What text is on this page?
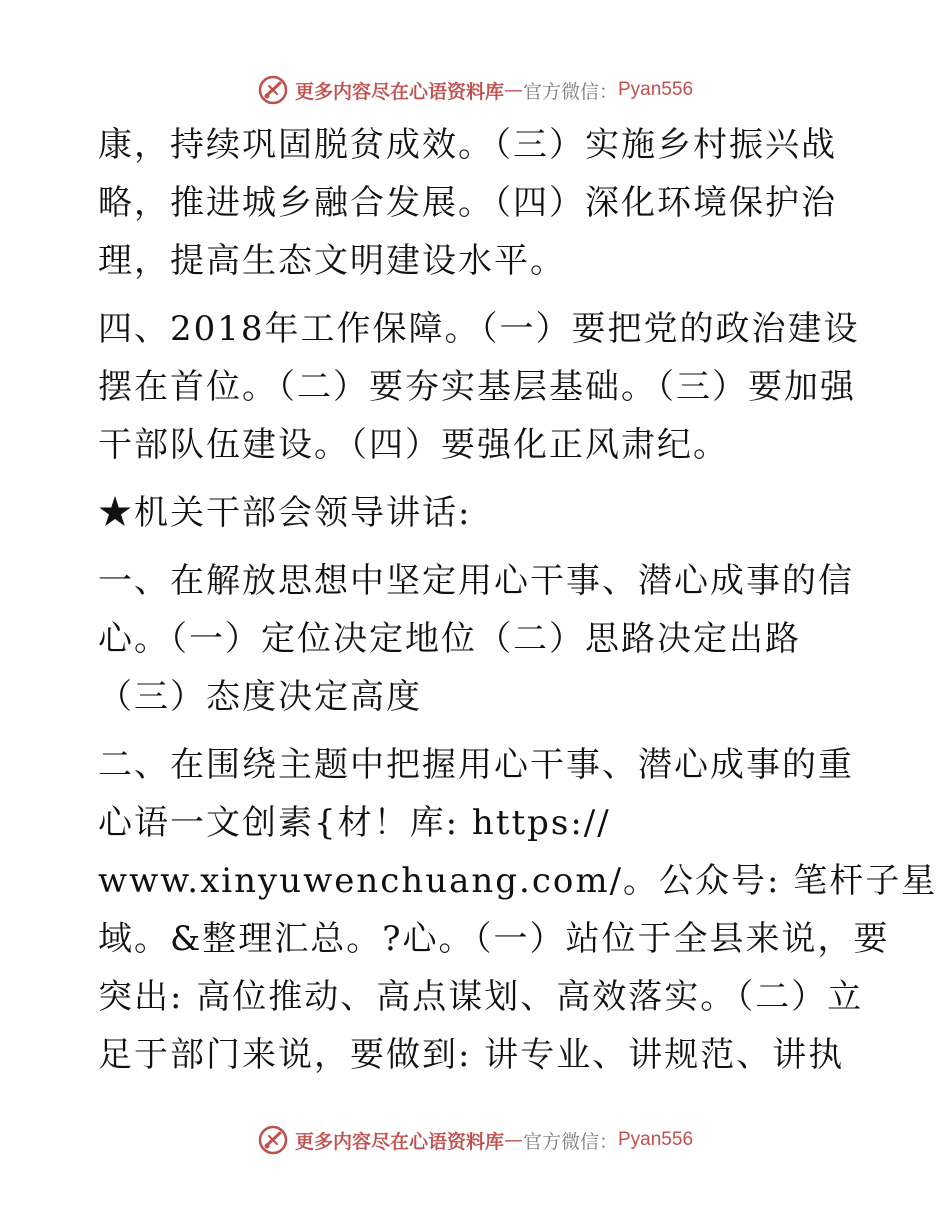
更多内容尽在心语资料库 — 官方微信： Pyan556
康，持续巩固脱贫成效。（三）实施乡村振兴战
略，推进城乡融合发展。（四）深化环境保护治
理，提高生态文明建设水平。
四、2018年工作保障。（一）要把党的政治建设
摆在首位。（二）要夯实基层基础。（三）要加强
干部队伍建设。（四）要强化正风肃纪。
★机关干部会领导讲话:
一、在解放思想中坚定用心干事、潜心成事的信
心。（一）定位决定地位（二）思路决定出路
（三）态度决定高度
二、在围绕主题中把握用心干事、潜心成事的重
心语一文创素{材！库: https://
www.xinyuwenchuang.com/。公众号: 笔杆子星
域。&整理汇总。?心。（一）站位于全县来说，要
突出: 高位推动、高点谋划、高效落实。（二）立
足于部门来说，要做到: 讲专业、讲规范、讲执
更多内容尽在心语资料库 — 官方微信： Pyan556
